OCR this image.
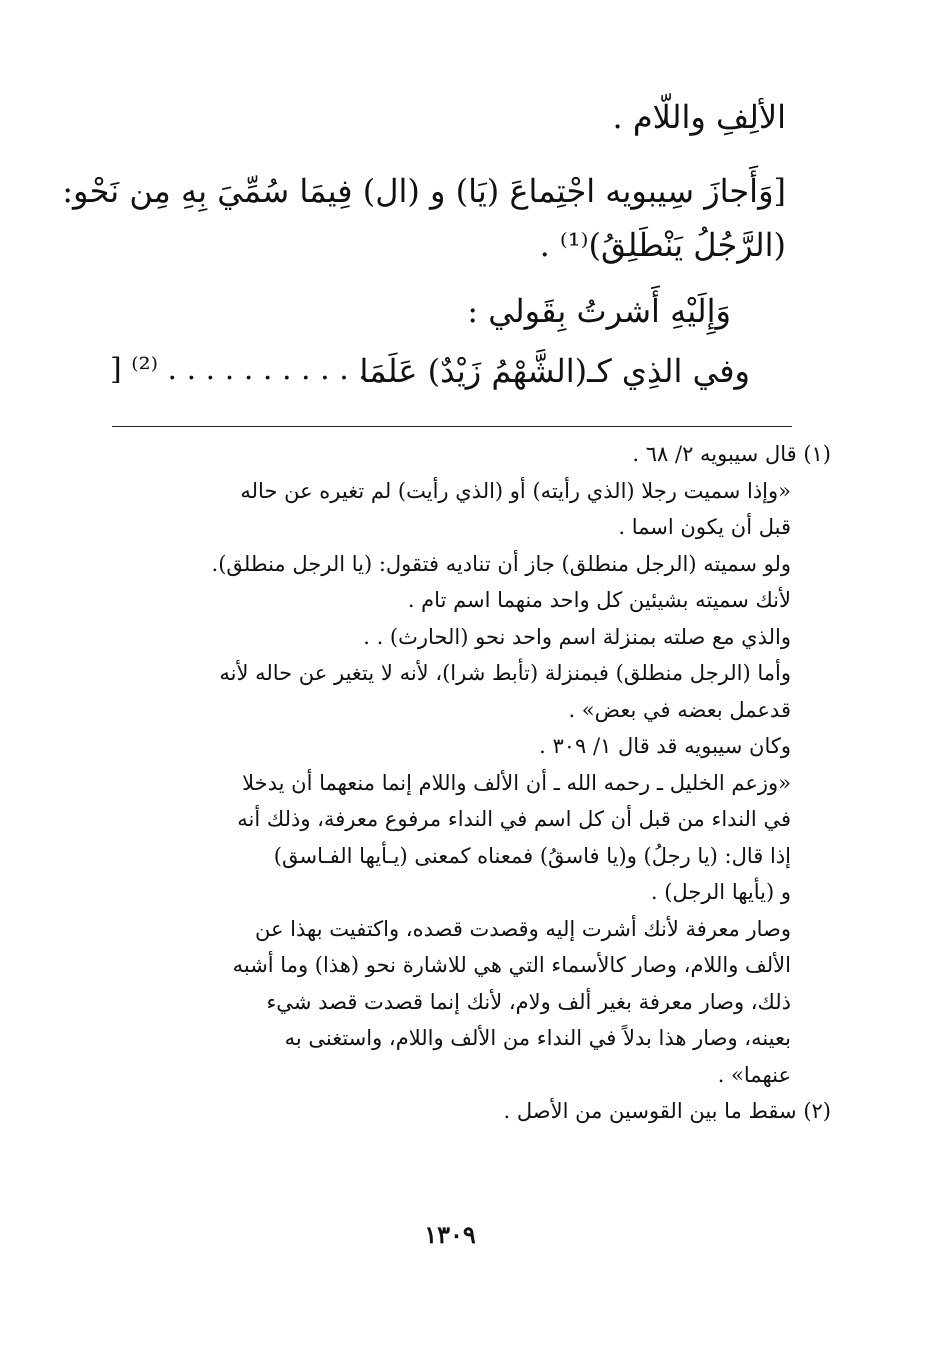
الألِفِ واللّام .
[وَأَجازَ سِيبويه اجْتِماعَ (يَا) و (ال) فِيمَا سُمِّيَ بِهِ مِن نَحْو:
(الرَّجُلُ يَنْطَلِقُ)⁽¹⁾ .
وَإِلَيْهِ أَشرتُ بِقَولي :
وفي الذِي كـ(الشَّهْمُ زَيْدٌ) عَلَمَا
] ⁽²⁾ . . . . . . . . . . . .
(١) قال سيبويه ٢/ ٦٨ .
«وإذا سميت رجلا (الذي رأيته) أو (الذي رأيت) لم تغيره عن حاله
قبل أن يكون اسما .
ولو سميته (الرجل منطلق) جاز أن تناديه فتقول: (يا الرجل منطلق).
لأنك سميته بشيئين كل واحد منهما اسم تام .
والذي مع صلته بمنزلة اسم واحد نحو (الحارث) . .
وأما (الرجل منطلق) فبمنزلة (تأبط شرا)، لأنه لا يتغير عن حاله لأنه
قدعمل بعضه في بعض» .
وكان سيبويه قد قال ١/ ٣٠٩ .
«وزعم الخليل ـ رحمه الله ـ أن الألف واللام إنما منعهما أن يدخلا
في النداء من قبل أن كل اسم في النداء مرفوع معرفة، وذلك أنه
إذا قال: (يا رجلُ) و(يا فاسقُ) فمعناه كمعنى (يـأيها الفـاسق)
و (يأيها الرجل) .
وصار معرفة لأنك أشرت إليه وقصدت قصده، واكتفيت بهذا عن
الألف واللام، وصار كالأسماء التي هي للاشارة نحو (هذا) وما أشبه
ذلك، وصار معرفة بغير ألف ولام، لأنك إنما قصدت قصد شيء
بعينه، وصار هذا بدلاً في النداء من الألف واللام، واستغنى به
عنهما» .
(٢) سقط ما بين القوسين من الأصل .
١٣٠٩
